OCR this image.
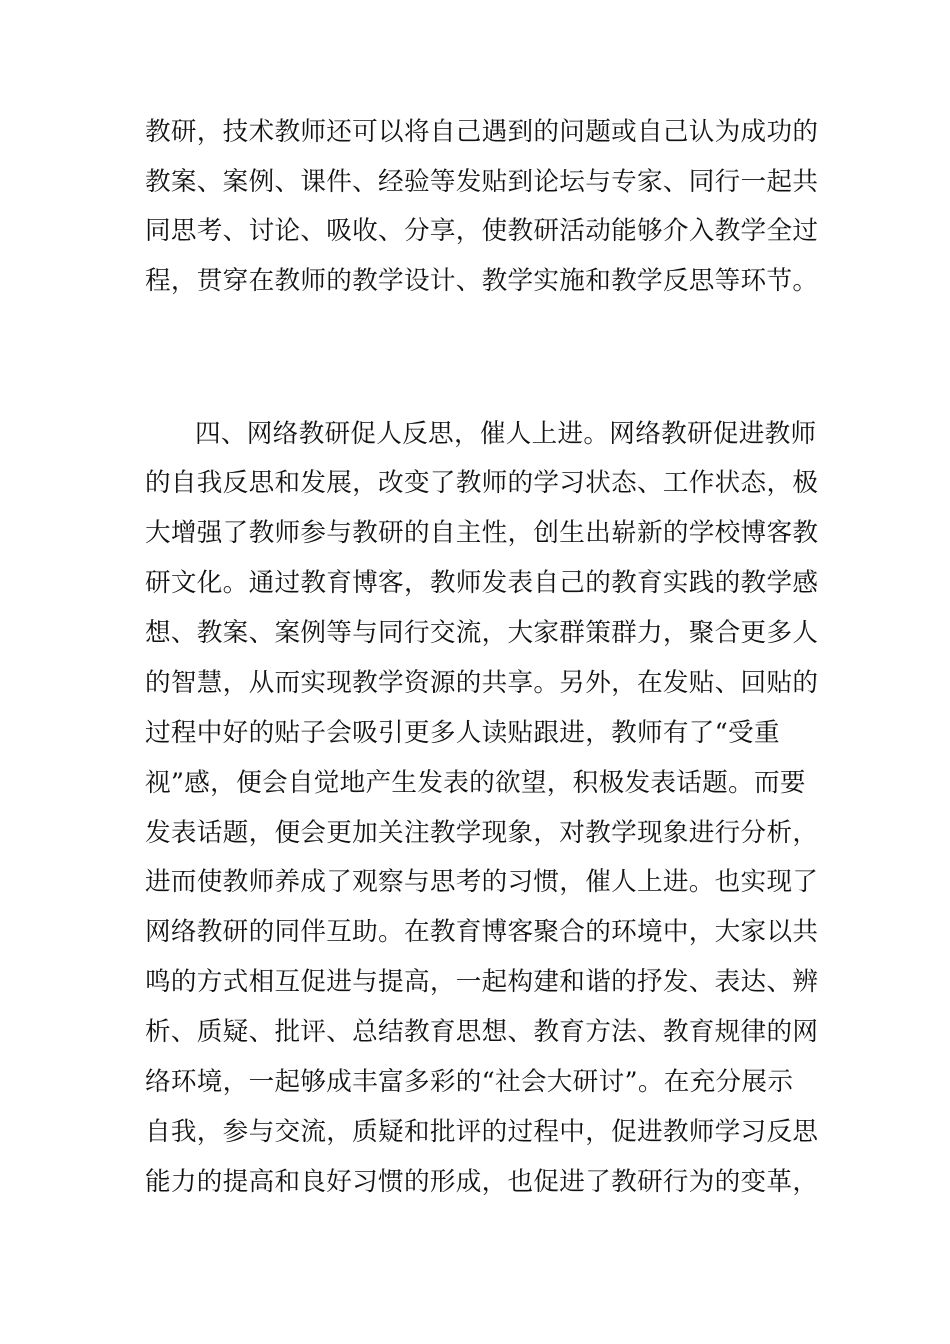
教研，技术教师还可以将自己遇到的问题或自己认为成功的
教案、案例、课件、经验等发贴到论坛与专家、同行一起共
同思考、讨论、吸收、分享，使教研活动能够介入教学全过
程，贯穿在教师的教学设计、教学实施和教学反思等环节。
四、网络教研促人反思，催人上进。网络教研促进教师
的自我反思和发展，改变了教师的学习状态、工作状态，极
大增强了教师参与教研的自主性，创生出崭新的学校博客教
研文化。通过教育博客，教师发表自己的教育实践的教学感
想、教案、案例等与同行交流，大家群策群力，聚合更多人
的智慧，从而实现教学资源的共享。另外，在发贴、回贴的
过程中好的贴子会吸引更多人读贴跟进，教师有了“受重
视”感，便会自觉地产生发表的欲望，积极发表话题。而要
发表话题，便会更加关注教学现象，对教学现象进行分析，
进而使教师养成了观察与思考的习惯，催人上进。也实现了
网络教研的同伴互助。在教育博客聚合的环境中，大家以共
鸣的方式相互促进与提高，一起构建和谐的抒发、表达、辨
析、质疑、批评、总结教育思想、教育方法、教育规律的网
络环境，一起够成丰富多彩的“社会大研讨”。在充分展示
自我，参与交流，质疑和批评的过程中，促进教师学习反思
能力的提高和良好习惯的形成，也促进了教研行为的变革，
